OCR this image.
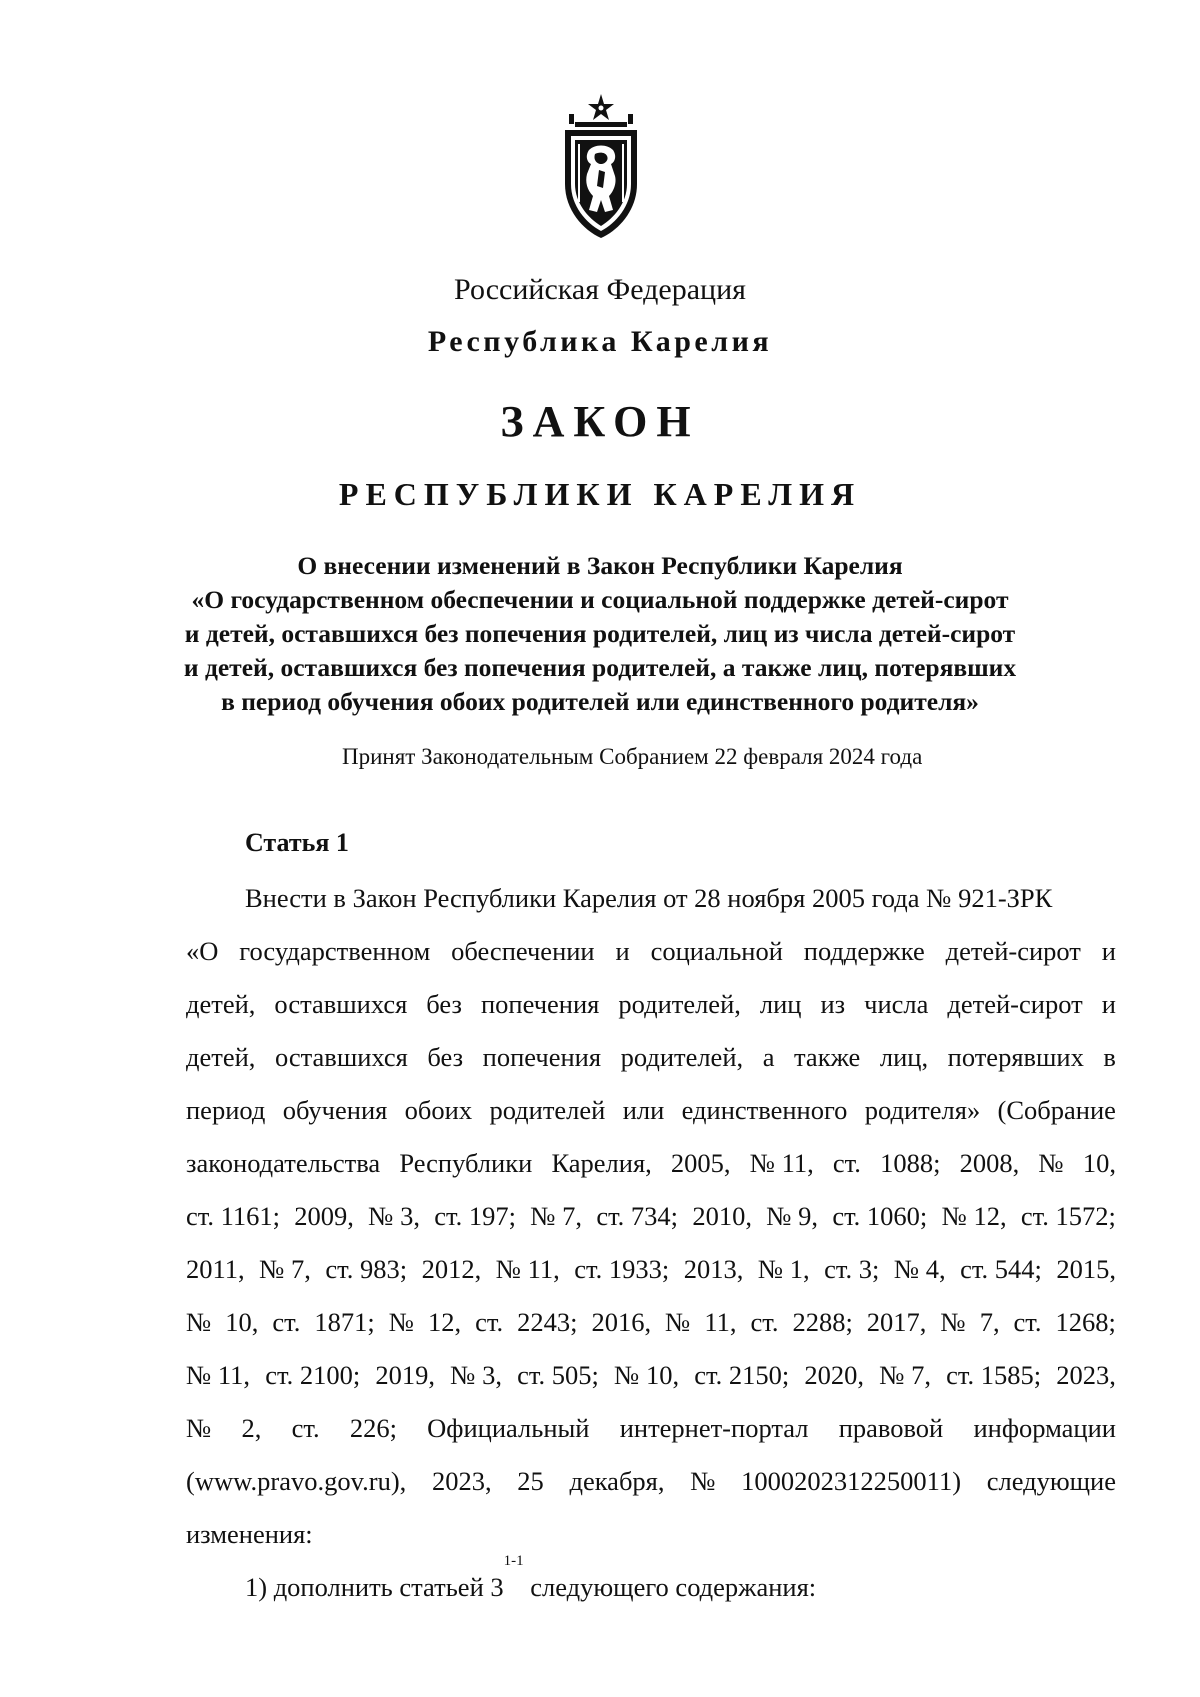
Российская Федерация
Республика Карелия
ЗАКОН
РЕСПУБЛИКИ КАРЕЛИЯ
О внесении изменений в Закон Республики Карелия
«О государственном обеспечении и социальной поддержке детей-сирот
и детей, оставшихся без попечения родителей, лиц из числа детей-сирот
и детей, оставшихся без попечения родителей, а также лиц, потерявших
в период обучения обоих родителей или единственного родителя»
Принят Законодательным Собранием 22 февраля 2024 года
Статья 1
Внести в Закон Республики Карелия от 28 ноября 2005 года № 921-ЗРК
«О государственном обеспечении и социальной поддержке детей-сирот и
детей, оставшихся без попечения родителей, лиц из числа детей-сирот и
детей, оставшихся без попечения родителей, а также лиц, потерявших в
период обучения обоих родителей или единственного родителя» (Собрание
законодательства Республики Карелия, 2005, № 11, ст. 1088; 2008, № 10,
ст. 1161; 2009, № 3, ст. 197; № 7, ст. 734; 2010, № 9, ст. 1060; № 12, ст. 1572;
2011, № 7, ст. 983; 2012, № 11, ст. 1933; 2013, № 1, ст. 3; № 4, ст. 544; 2015,
№ 10, ст. 1871; № 12, ст. 2243; 2016, № 11, ст. 2288; 2017, № 7, ст. 1268;
№ 11, ст. 2100; 2019, № 3, ст. 505; № 10, ст. 2150; 2020, № 7, ст. 1585; 2023,
№ 2, ст. 226; Официальный интернет-портал правовой информации
(www.pravo.gov.ru), 2023, 25 декабря, № 1000202312250011) следующие
изменения:
1) дополнить статьей 3
1-1
следующего содержания:
